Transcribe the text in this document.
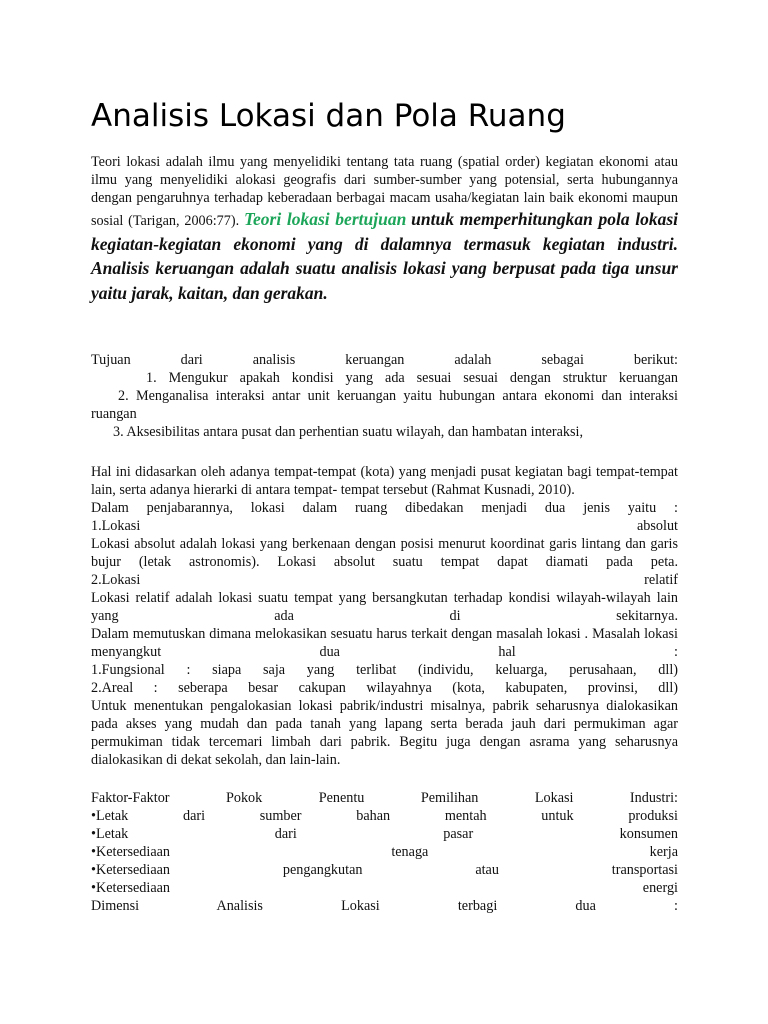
Analisis Lokasi dan Pola Ruang
Teori lokasi adalah ilmu yang menyelidiki tentang tata ruang (spatial order) kegiatan ekonomi atau ilmu yang menyelidiki alokasi geografis dari sumber-sumber yang potensial, serta hubungannya dengan pengaruhnya terhadap keberadaan berbagai macam usaha/kegiatan lain baik ekonomi maupun sosial (Tarigan, 2006:77). Teori lokasi bertujuan untuk memperhitungkan pola lokasi kegiatan-kegiatan ekonomi yang di dalamnya termasuk kegiatan industri. Analisis keruangan adalah suatu analisis lokasi yang berpusat pada tiga unsur yaitu jarak, kaitan, dan gerakan.
Tujuan dari analisis keruangan adalah sebagai berikut:
1. Mengukur apakah kondisi yang ada sesuai sesuai dengan struktur keruangan
2. Menganalisa interaksi antar unit keruangan yaitu hubungan antara ekonomi dan interaksi ruangan
3. Aksesibilitas antara pusat dan perhentian suatu wilayah, dan hambatan interaksi,
Hal ini didasarkan oleh adanya tempat-tempat (kota) yang menjadi pusat kegiatan bagi tempat-tempat lain, serta adanya hierarki di antara tempat- tempat tersebut (Rahmat Kusnadi, 2010).
Dalam penjabarannya, lokasi dalam ruang dibedakan menjadi dua jenis yaitu :
1.Lokasi absolut
Lokasi absolut adalah lokasi yang berkenaan dengan posisi menurut koordinat garis lintang dan garis bujur (letak astronomis). Lokasi absolut suatu tempat dapat diamati pada peta.
2.Lokasi relatif
Lokasi relatif adalah lokasi suatu tempat yang bersangkutan terhadap kondisi wilayah-wilayah lain yang ada di sekitarnya.
Dalam memutuskan dimana melokasikan sesuatu harus terkait dengan masalah lokasi . Masalah lokasi menyangkut dua hal :
1.Fungsional : siapa saja yang terlibat (individu, keluarga, perusahaan, dll)
2.Areal : seberapa besar cakupan wilayahnya (kota, kabupaten, provinsi, dll)
Untuk menentukan pengalokasian lokasi pabrik/industri misalnya, pabrik seharusnya dialokasikan pada akses yang mudah dan pada tanah yang lapang serta berada jauh dari permukiman agar permukiman tidak tercemari limbah dari pabrik. Begitu juga dengan asrama yang seharusnya dialokasikan di dekat sekolah, dan lain-lain.
Faktor-Faktor Pokok Penentu Pemilihan Lokasi Industri:
•Letak dari sumber bahan mentah untuk produksi
•Letak dari pasar konsumen
•Ketersediaan tenaga kerja
•Ketersediaan pengangkutan atau transportasi
•Ketersediaan energi
Dimensi Analisis Lokasi terbagi dua :
